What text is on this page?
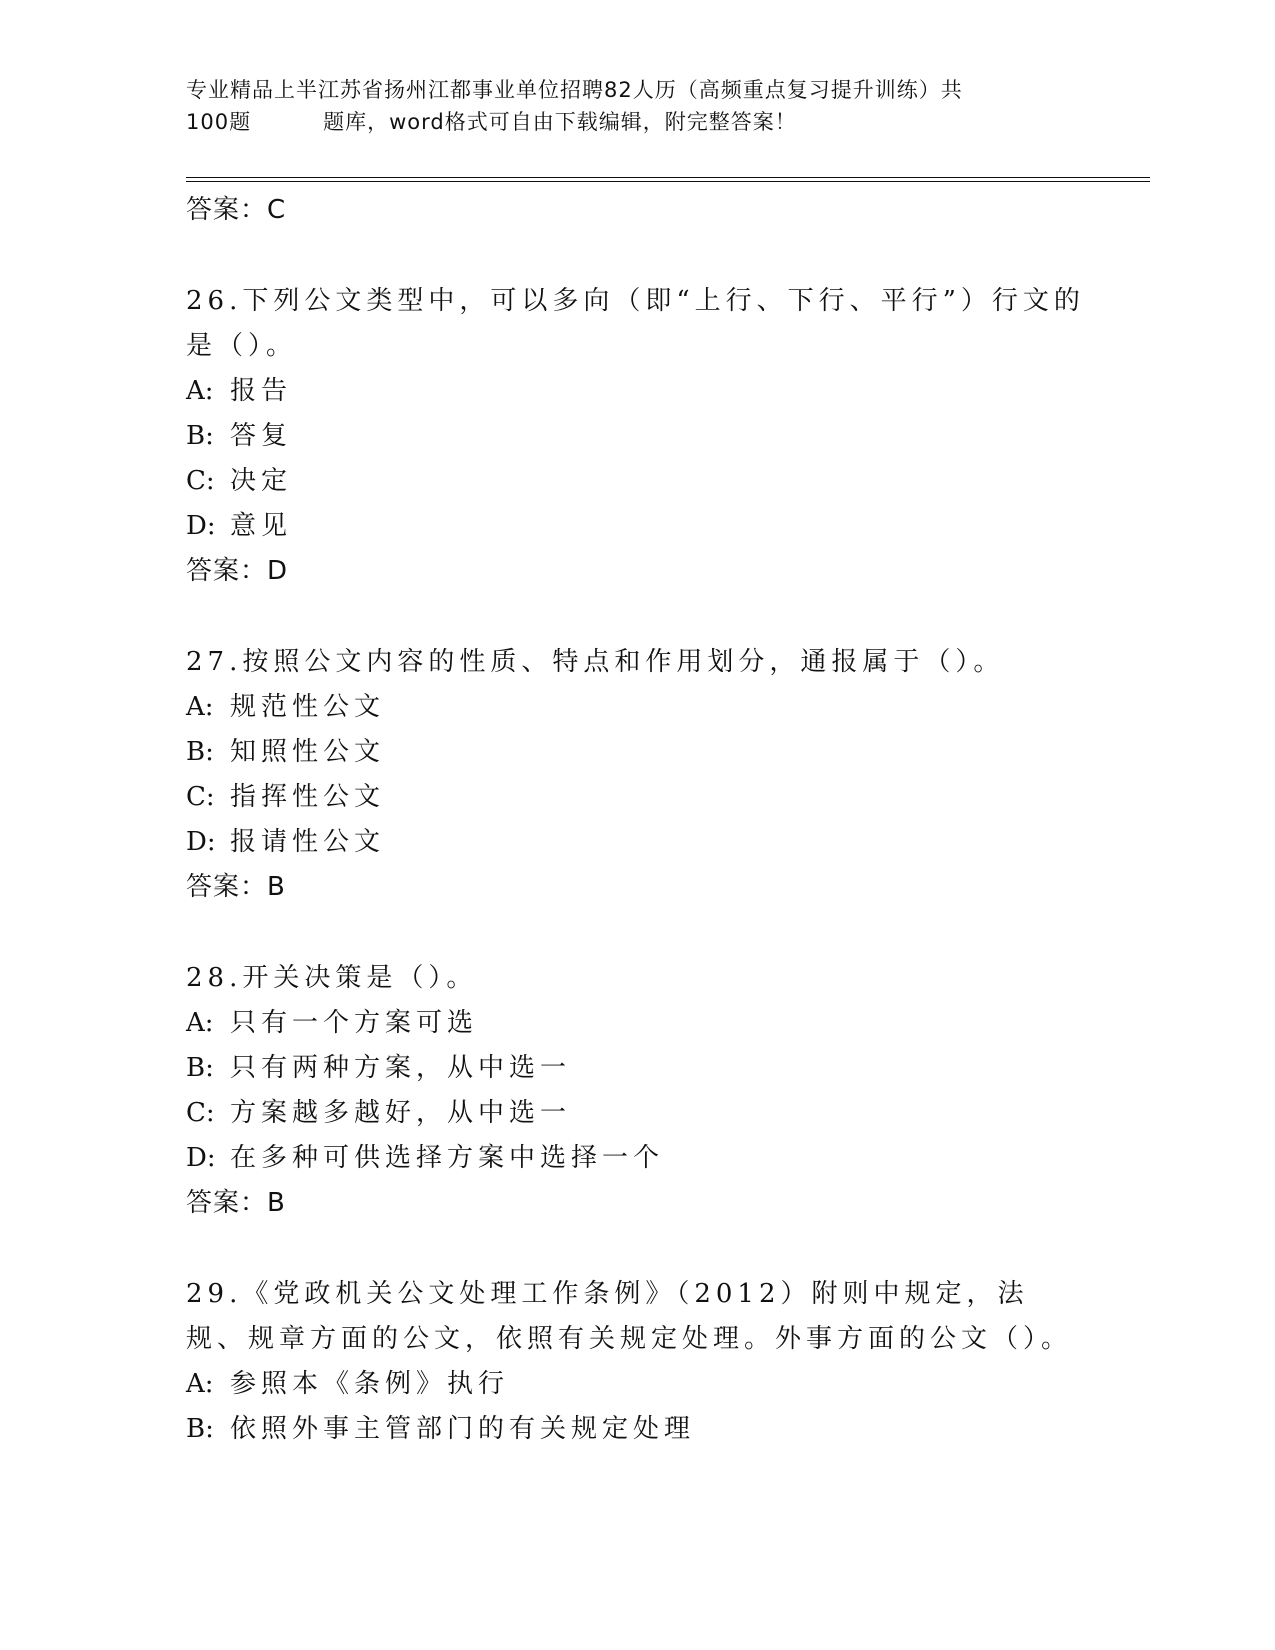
专业精品上半江苏省扬州江都事业单位招聘82人历（高频重点复习提升训练）共
100题	题库，word格式可自由下载编辑，附完整答案！
答案：C

26.下列公文类型中，可以多向（即“上行、下行、平行”）行文的是（）。

A: 报告
B: 答复
C: 决定
D: 意见
答案：D

27.按照公文内容的性质、特点和作用划分，通报属于（）。

A: 规范性公文
B: 知照性公文
C: 指挥性公文
D: 报请性公文
答案：B

28.开关决策是（）。

A: 只有一个方案可选
B: 只有两种方案，从中选一
C: 方案越多越好，从中选一
D: 在多种可供选择方案中选择一个
答案：B

29.《党政机关公文处理工作条例》（2012）附则中规定，法规、规章方面的公文，依照有关规定处理。外事方面的公文（）。

A: 参照本《条例》执行
B: 依照外事主管部门的有关规定处理
